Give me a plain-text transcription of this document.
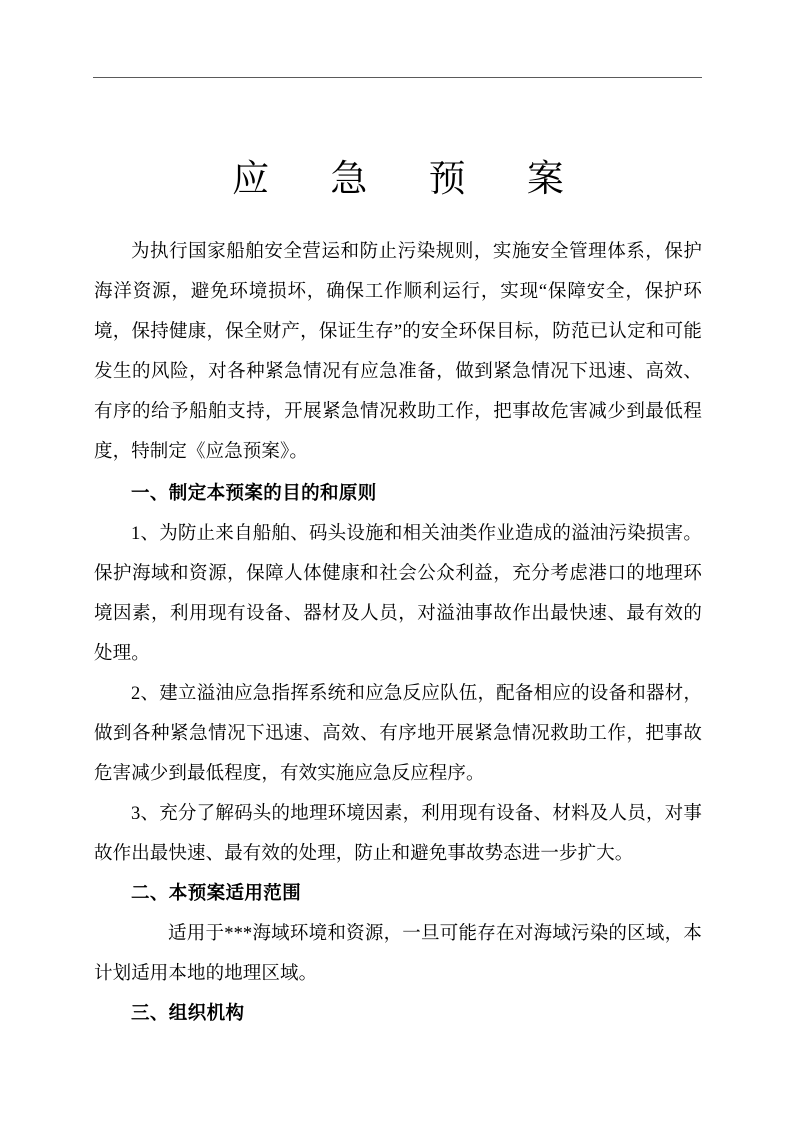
应 急 预 案

为执行国家船舶安全营运和防止污染规则，实施安全管理体系，保护海洋资源，避免环境损坏，确保工作顺利运行，实现“保障安全，保护环境，保持健康，保全财产，保证生存”的安全环保目标，防范已认定和可能发生的风险，对各种紧急情况有应急准备，做到紧急情况下迅速、高效、有序的给予船舶支持，开展紧急情况救助工作，把事故危害减少到最低程度，特制定《应急预案》。

一、制定本预案的目的和原则

1、为防止来自船舶、码头设施和相关油类作业造成的溢油污染损害。保护海域和资源，保障人体健康和社会公众利益，充分考虑港口的地理环境因素，利用现有设备、器材及人员，对溢油事故作出最快速、最有效的处理。

2、建立溢油应急指挥系统和应急反应队伍，配备相应的设备和器材，做到各种紧急情况下迅速、高效、有序地开展紧急情况救助工作，把事故危害减少到最低程度，有效实施应急反应程序。

3、充分了解码头的地理环境因素，利用现有设备、材料及人员，对事故作出最快速、最有效的处理，防止和避免事故势态进一步扩大。

二、本预案适用范围

适用于***海域环境和资源，一旦可能存在对海域污染的区域，本计划适用本地的地理区域。

三、组织机构
